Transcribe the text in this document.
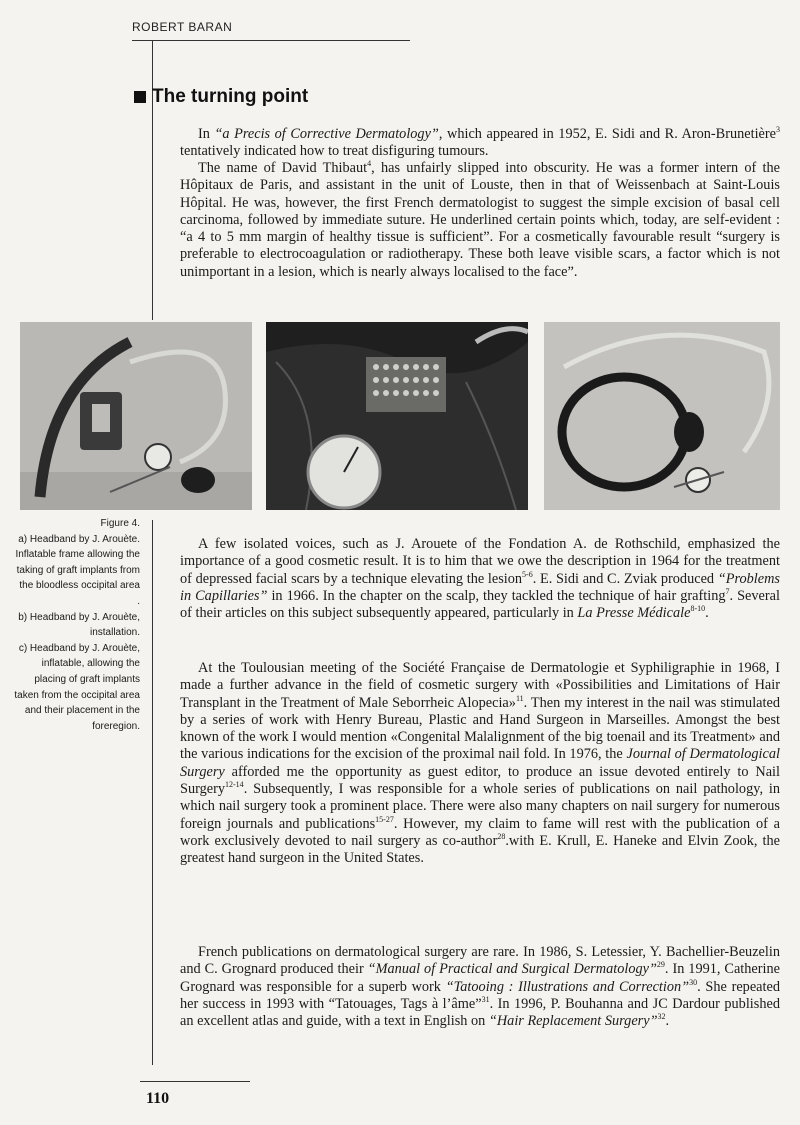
ROBERT BARAN
The turning point

In “a Precis of Corrective Dermatology”, which appeared in 1952, E. Sidi and R. Aron-Brunetière$^3$ tentatively indicated how to treat disfiguring tumours.

The name of David Thibaut$^4$, has unfairly slipped into obscurity. He was a former intern of the Hôpitaux de Paris, and assistant in the unit of Louste, then in that of Weissenbach at Saint-Louis Hôpital. He was, however, the first French dermatologist to suggest the simple excision of basal cell carcinoma, followed by immediate suture. He underlined certain points which, today, are self-evident : “a 4 to 5 mm margin of healthy tissue is sufficient”. For a cosmetically favourable result “surgery is preferable to electrocoagulation or radiotherapy. These both leave visible scars, a factor which is not unimportant in a lesion, which is nearly always localised to the face”.

Figure 4.
a) Headband by J. Arouète. Inflatable frame allowing the taking of graft implants from the bloodless occipital area .
b) Headband by J. Arouète, installation.
c) Headband by J. Arouète, inflatable, allowing the placing of graft implants taken from the occipital area and their placement in the foreregion.

A few isolated voices, such as J. Arouete of the Fondation A. de Rothschild, emphasized the importance of a good cosmetic result. It is to him that we owe the description in 1964 for the treatment of depressed facial scars by a technique elevating the lesion$^{5-6}$. E. Sidi and C. Zviak produced “Problems in Capillaries” in 1966. In the chapter on the scalp, they tackled the technique of hair grafting$^7$. Several of their articles on this subject subsequently appeared, particularly in La Presse Médicale$^{8-10}$.

At the Toulousian meeting of the Société Française de Dermatologie et Syphiligraphie in 1968, I made a further advance in the field of cosmetic surgery with «Possibilities and Limitations of Hair Transplant in the Treatment of Male Seborrheic Alopecia»$^{11}$. Then my interest in the nail was stimulated by a series of work with Henry Bureau, Plastic and Hand Surgeon in Marseilles. Amongst the best known of the work I would mention «Congenital Malalignment of the big toenail and its Treatment» and the various indications for the excision of the proximal nail fold. In 1976, the Journal of Dermatological Surgery afforded me the opportunity as guest editor, to produce an issue devoted entirely to Nail Surgery$^{12-14}$. Subsequently, I was responsible for a whole series of publications on nail pathology, in which nail surgery took a prominent place. There were also many chapters on nail surgery for numerous foreign journals and publications$^{15-27}$. However, my claim to fame will rest with the publication of a work exclusively devoted to nail surgery as co-author$^{28}$.with E. Krull, E. Haneke and Elvin Zook, the greatest hand surgeon in the United States.

French publications on dermatological surgery are rare. In 1986, S. Letessier, Y. Bachellier-Beuzelin and C. Grognard produced their “Manual of Practical and Surgical Dermatology”$^{29}$. In 1991, Catherine Grognard was responsible for a superb work “Tatooing : Illustrations and Correction”$^{30}$. She repeated her success in 1993 with “Tatouages, Tags à l’âme”$^{31}$. In 1996, P. Bouhanna and JC Dardour published an excellent atlas and guide, with a text in English on “Hair Replacement Surgery”$^{32}$.

110
